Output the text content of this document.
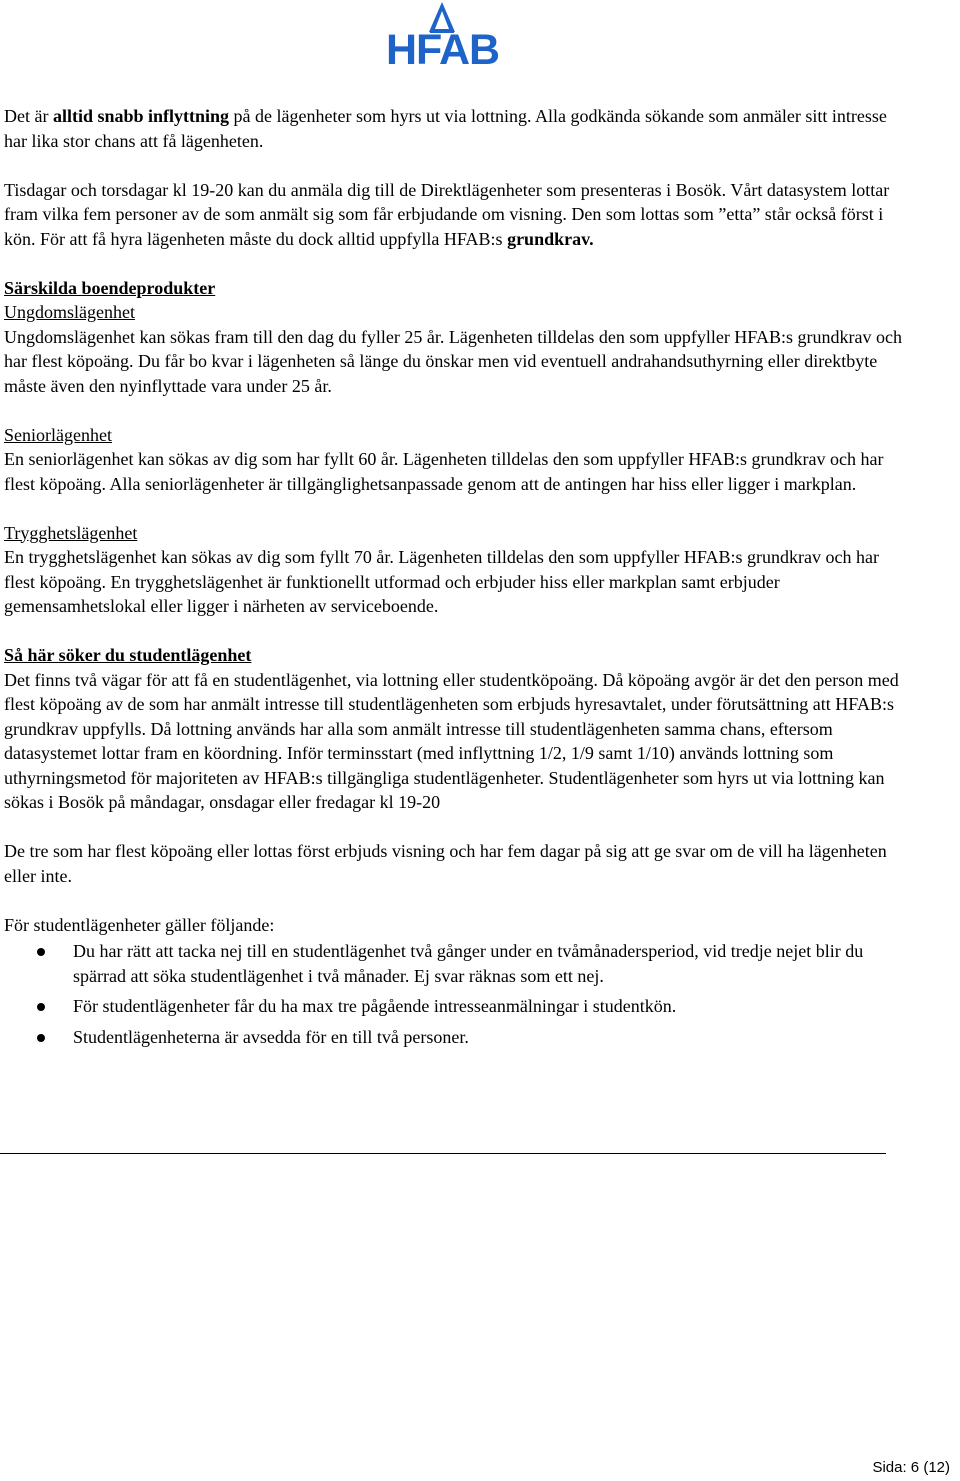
HFAB

Det är alltid snabb inflyttning på de lägenheter som hyrs ut via lottning. Alla godkända sökande som anmäler sitt intresse har lika stor chans att få lägenheten.

Tisdagar och torsdagar kl 19-20 kan du anmäla dig till de Direktlägenheter som presenteras i Bosök. Vårt datasystem lottar fram vilka fem personer av de som anmält sig som får erbjudande om visning. Den som lottas som ”etta” står också först i kön. För att få hyra lägenheten måste du dock alltid uppfylla HFAB:s grundkrav.

Särskilda boendeprodukter

Ungdomslägenhet

Ungdomslägenhet kan sökas fram till den dag du fyller 25 år. Lägenheten tilldelas den som uppfyller HFAB:s grundkrav och har flest köpoäng. Du får bo kvar i lägenheten så länge du önskar men vid eventuell andrahandsuthyrning eller direktbyte måste även den nyinflyttade vara under 25 år.

Seniorlägenhet

En seniorlägenhet kan sökas av dig som har fyllt 60 år. Lägenheten tilldelas den som uppfyller HFAB:s grundkrav och har flest köpoäng. Alla seniorlägenheter är tillgänglighetsanpassade genom att de antingen har hiss eller ligger i markplan.

Trygghetslägenhet

En trygghetslägenhet kan sökas av dig som fyllt 70 år. Lägenheten tilldelas den som uppfyller HFAB:s grundkrav och har flest köpoäng. En trygghetslägenhet är funktionellt utformad och erbjuder hiss eller markplan samt erbjuder gemensamhetslokal eller ligger i närheten av serviceboende.

Så här söker du studentlägenhet

Det finns två vägar för att få en studentlägenhet, via lottning eller studentköpoäng. Då köpoäng avgör är det den person med flest köpoäng av de som har anmält intresse till studentlägenheten som erbjuds hyresavtalet, under förutsättning att HFAB:s grundkrav uppfylls. Då lottning används har alla som anmält intresse till studentlägenheten samma chans, eftersom datasystemet lottar fram en köordning. Inför terminsstart (med inflyttning 1/2, 1/9 samt 1/10) används lottning som uthyrningsmetod för majoriteten av HFAB:s tillgängliga studentlägenheter. Studentlägenheter som hyrs ut via lottning kan sökas i Bosök på måndagar, onsdagar eller fredagar kl 19-20

De tre som har flest köpoäng eller lottas först erbjuds visning och har fem dagar på sig att ge svar om de vill ha lägenheten eller inte.

För studentlägenheter gäller följande:

Du har rätt att tacka nej till en studentlägenhet två gånger under en tvåmånadersperiod, vid tredje nejet blir du spärrad att söka studentlägenhet i två månader. Ej svar räknas som ett nej.
För studentlägenheter får du ha max tre pågående intresseanmälningar i studentkön.
Studentlägenheterna är avsedda för en till två personer.
Sida: 6 (12)
